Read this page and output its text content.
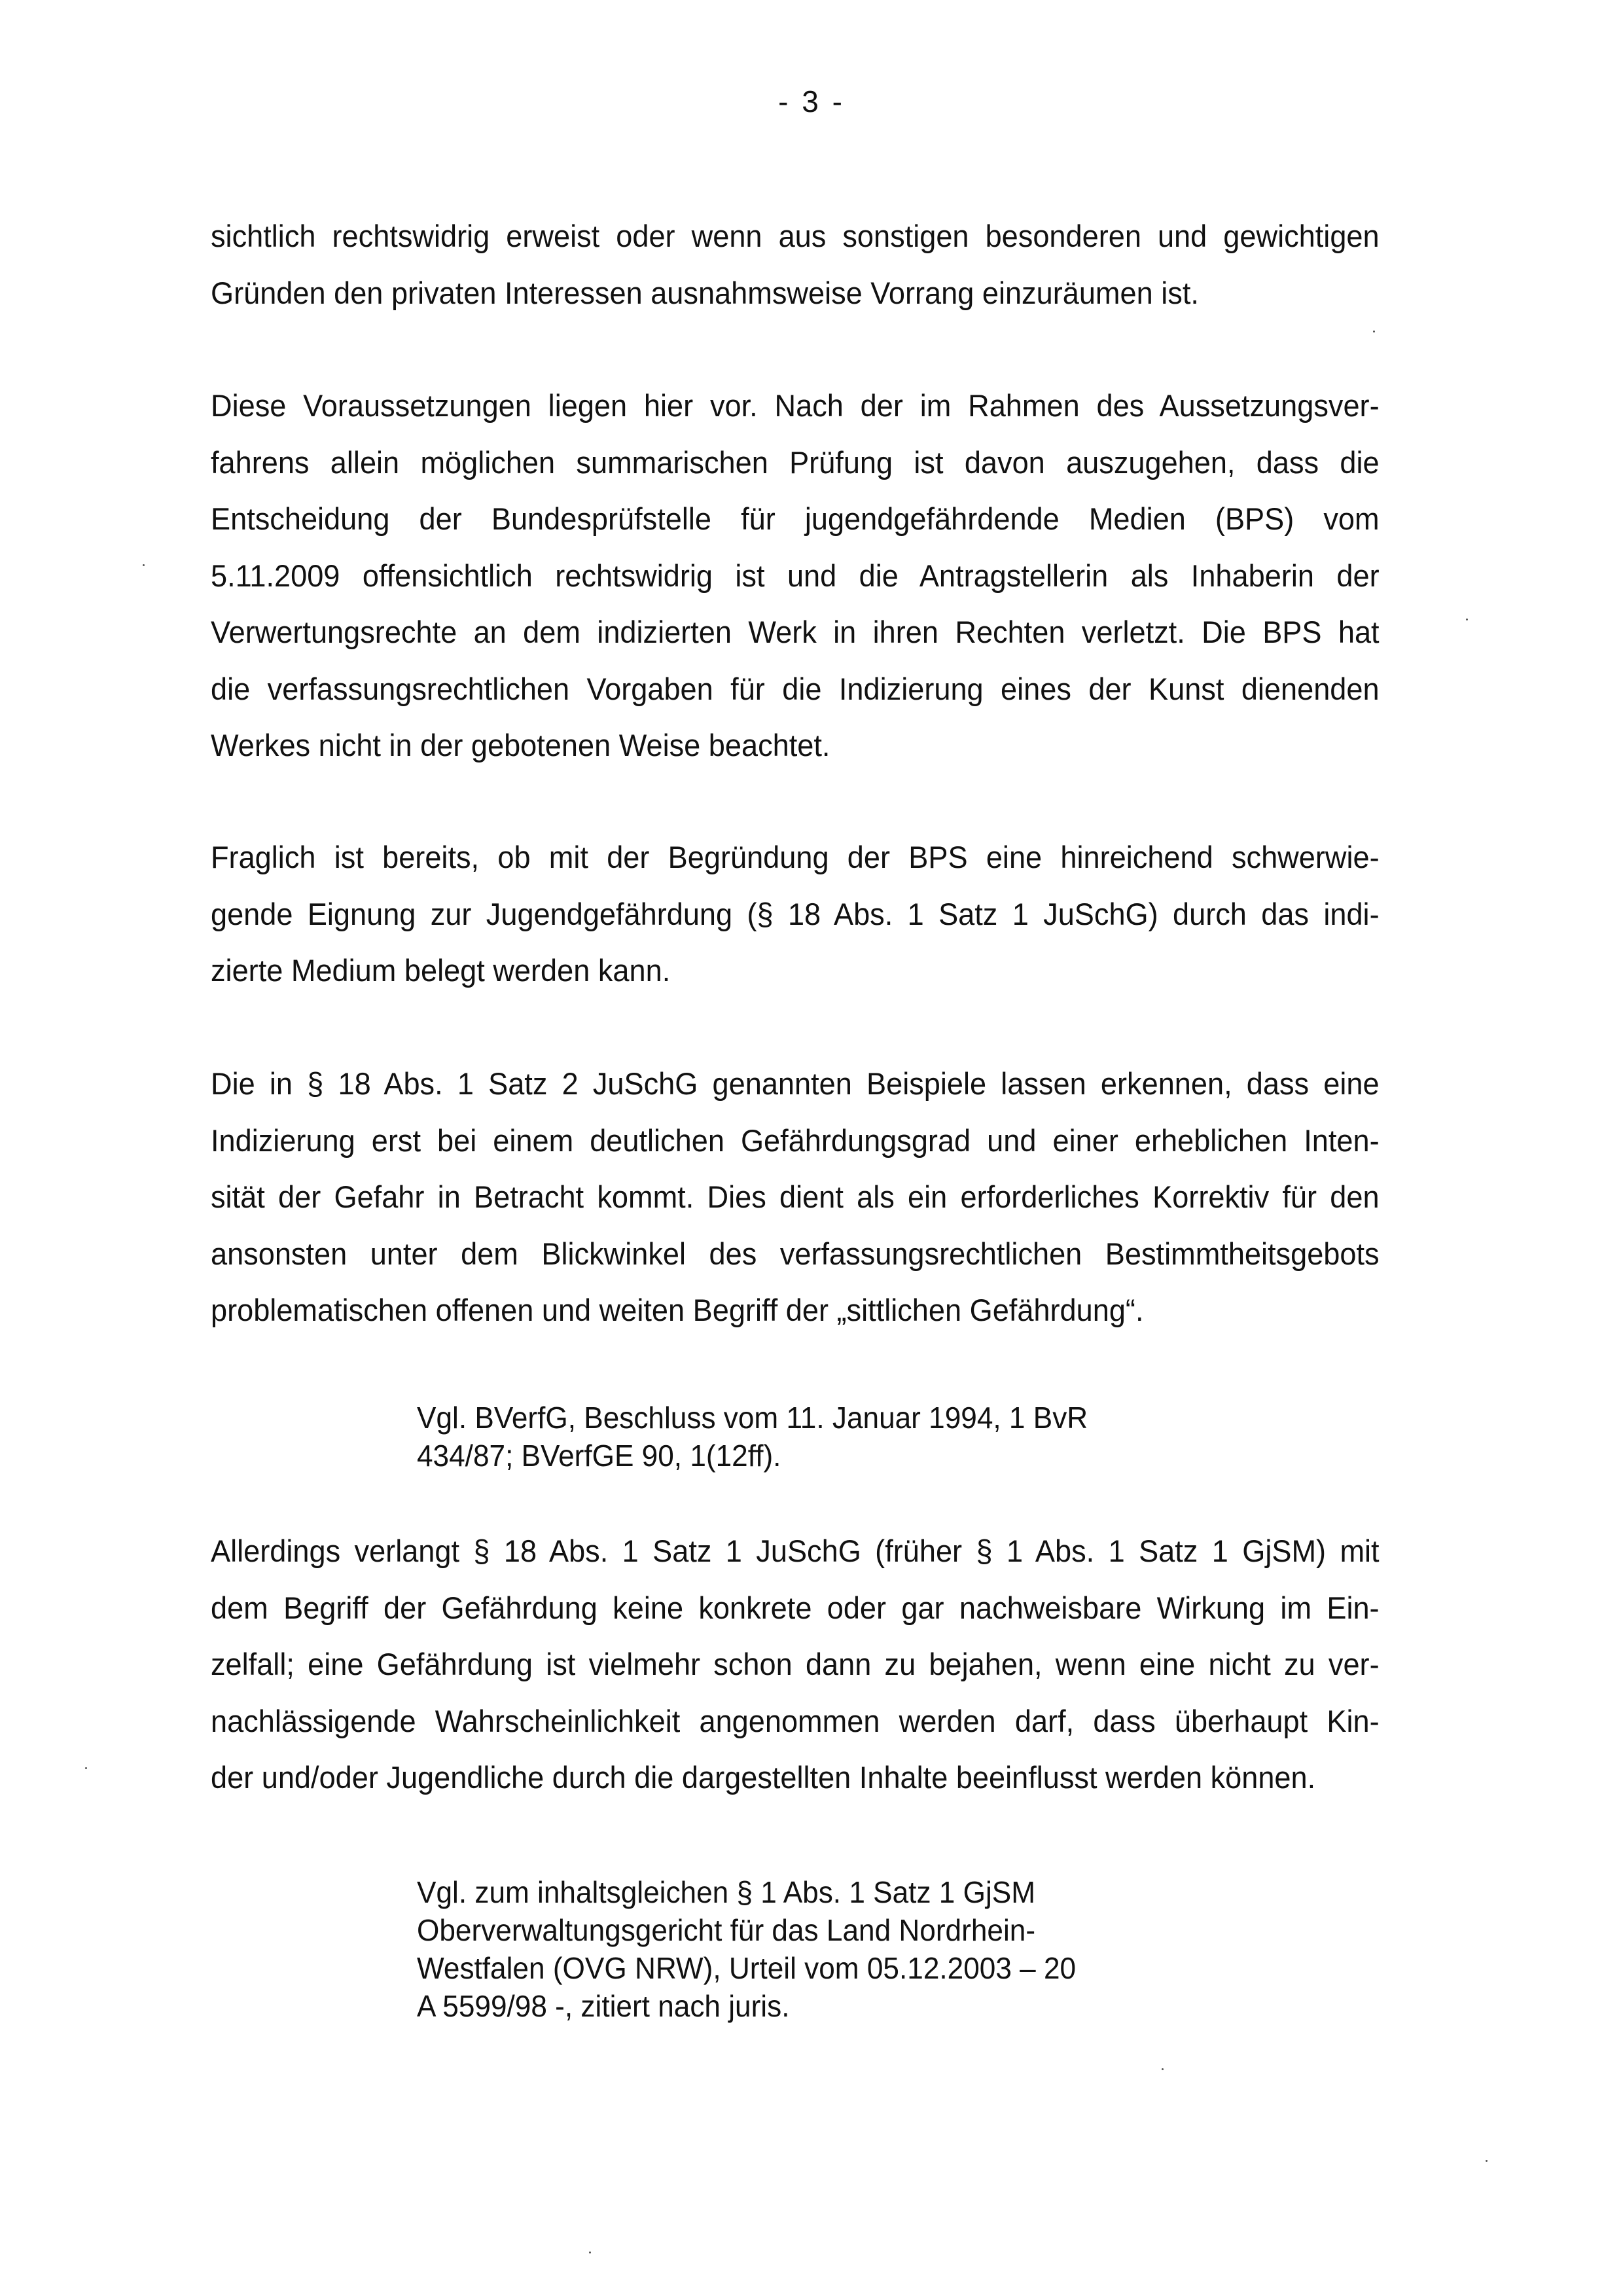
- 3 -
sichtlich rechtswidrig erweist oder wenn aus sonstigen besonderen und gewichtigen
Gründen den privaten Interessen ausnahmsweise Vorrang einzuräumen ist.
Diese Voraussetzungen liegen hier vor. Nach der im Rahmen des Aussetzungsver-
fahrens allein möglichen summarischen Prüfung ist davon auszugehen, dass die
Entscheidung der Bundesprüfstelle für jugendgefährdende Medien (BPS) vom
5.11.2009 offensichtlich rechtswidrig ist und die Antragstellerin als Inhaberin der
Verwertungsrechte an dem indizierten Werk in ihren Rechten verletzt. Die BPS hat
die verfassungsrechtlichen Vorgaben für die Indizierung eines der Kunst dienenden
Werkes nicht in der gebotenen Weise beachtet.
Fraglich ist bereits, ob mit der Begründung der BPS eine hinreichend schwerwie-
gende Eignung zur Jugendgefährdung (§ 18 Abs. 1 Satz 1 JuSchG) durch das indi-
zierte Medium belegt werden kann.
Die in § 18 Abs. 1 Satz 2 JuSchG genannten Beispiele lassen erkennen, dass eine
Indizierung erst bei einem deutlichen Gefährdungsgrad und einer erheblichen Inten-
sität der Gefahr in Betracht kommt. Dies dient als ein erforderliches Korrektiv für den
ansonsten unter dem Blickwinkel des verfassungsrechtlichen Bestimmtheitsgebots
problematischen offenen und weiten Begriff der „sittlichen Gefährdung“.
Vgl. BVerfG, Beschluss vom 11. Januar 1994, 1 BvR
434/87; BVerfGE 90, 1(12ff).
Allerdings verlangt § 18 Abs. 1 Satz 1 JuSchG (früher § 1 Abs. 1 Satz 1 GjSM) mit
dem Begriff der Gefährdung keine konkrete oder gar nachweisbare Wirkung im Ein-
zelfall; eine Gefährdung ist vielmehr schon dann zu bejahen, wenn eine nicht zu ver-
nachlässigende Wahrscheinlichkeit angenommen werden darf, dass überhaupt Kin-
der und/oder Jugendliche durch die dargestellten Inhalte beeinflusst werden können.
Vgl. zum inhaltsgleichen § 1 Abs. 1 Satz 1 GjSM
Oberverwaltungsgericht für das Land Nordrhein-
Westfalen (OVG NRW), Urteil vom 05.12.2003 – 20
A 5599/98 -, zitiert nach juris.
